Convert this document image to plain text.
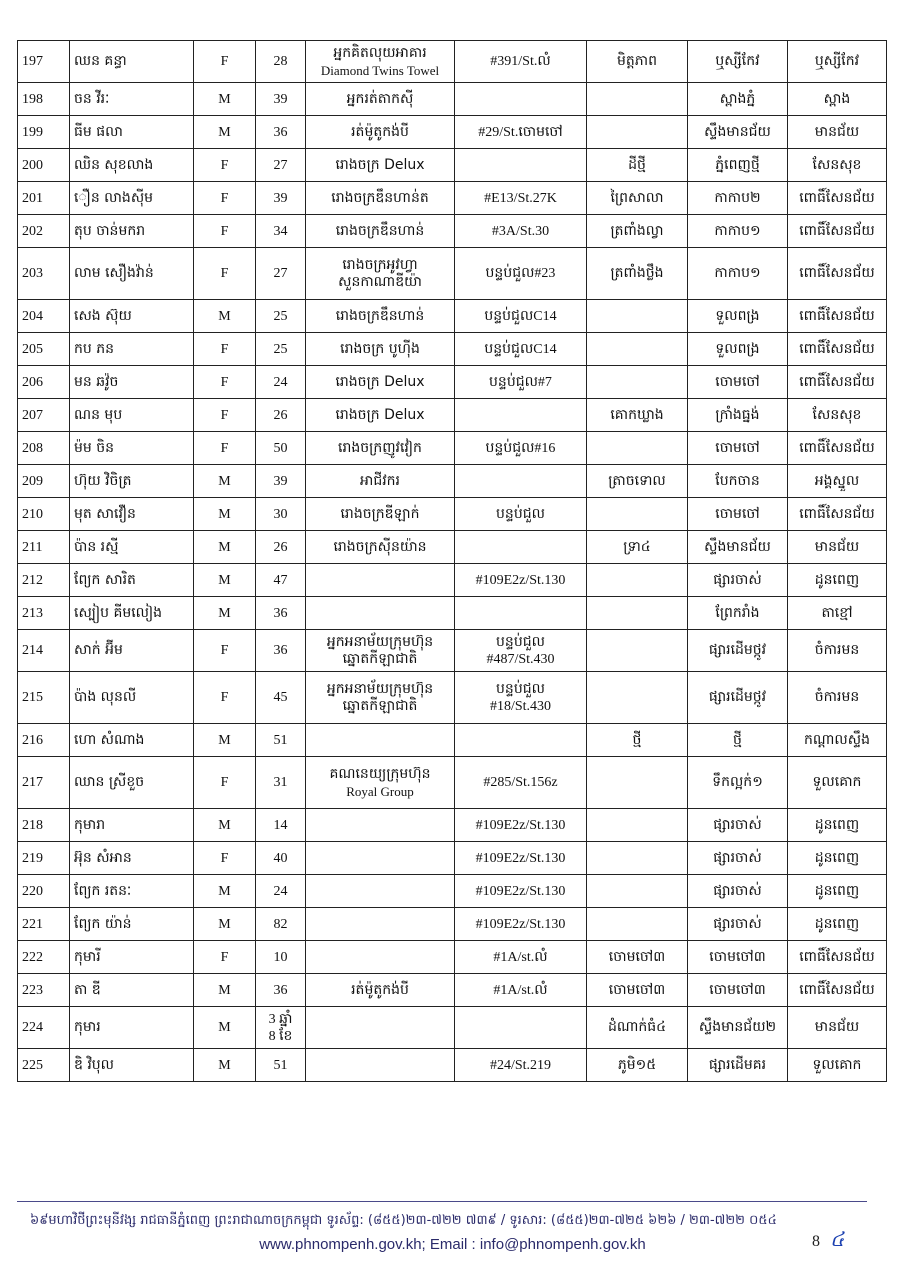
197	ឈន គន្ធា	F	28	អ្នកគិតលុយអាគារ
Diamond Twins Towel	#391/St.លំ	មិត្តភាព	ឬស្សីកែវ	ឬស្សីកែវ

198	ចន វីរៈ	M	39	អ្នករត់តាកស៊ី			ស្ពាងភ្នំ	ស្ពាង

199	ធីម ផលា	M	36	រត់ម៉ូតូកង់បី	#29/St.ចោមចៅ		ស្ទឹងមានជ័យ	មានជ័យ

200	ឈិន សុខលាង	F	27	រោងចក្រ Delux		ដីថ្មី	ភ្នំពេញថ្មី	សែនសុខ

201	ឿន លាងស៊ីម	F	39	រោងចក្រឌឹនហាន់ត	#E13/St.27K	ព្រៃសាលា	កាកាប២	ពោធិ៍សែនជ័យ

202	តុប ចាន់មករា	F	34	រោងចក្រឌឹនហាន់	#3A/St.30	ត្រពាំងល្វា	កាកាប១	ពោធិ៍សែនជ័យ

203	លាម សឿងវ៉ាន់	F	27	រោងចក្រអូវហ្វា
សួនកាណាឌីយ៉ា	បន្ទប់ជួល#23	ត្រពាំងថ្លឹង	កាកាប១	ពោធិ៍សែនជ័យ

204	សេង ស៊ុយ	M	25	រោងចក្រឌឹនហាន់	បន្ទប់ជួលC14		ទួលពង្រ	ពោធិ៍សែនជ័យ

205	កប ភន	F	25	រោងចក្រ បូហ៊ីង	បន្ទប់ជួលC14		ទួលពង្រ	ពោធិ៍សែនជ័យ

206	មន ឆវ៉ូច	F	24	រោងចក្រ Delux	បន្ទប់ជួល#7		ចោមចៅ	ពោធិ៍សែនជ័យ

207	ណន មុប	F	26	រោងចក្រ Delux		គោកឃ្លាង	ក្រាំងធ្នង់	សែនសុខ

208	ម៉ម ចិន	F	50	រោងចក្រញូវវៀក	បន្ទប់ជួល#16		ចោមចៅ	ពោធិ៍សែនជ័យ

209	ហ៊ុយ វិចិត្រ	M	39	អាជីវករ		ត្រាចទោល	បែកចាន	អង្គស្នួល

210	មុត សាវឿន	M	30	រោងចក្រឌីឡាក់	បន្ទប់ជួល		ចោមចៅ	ពោធិ៍សែនជ័យ

211	ប៉ាន រស្មី	M	26	រោងចក្រស៊ីនយ៉ាន		ទ្រា៤	ស្ទឹងមានជ័យ	មានជ័យ

212	ព្យែក សារិត	M	47		#109E2z/St.130		ផ្សារចាស់	ដូនពេញ

213	ស្បៀប គីមលៀង	M	36				ព្រែករាំង	តាខ្មៅ

214	សាក់ អ៊ីម	F	36	អ្នកអនាម័យក្រុមហ៊ុន
ឆ្នោតកីឡាជាតិ	បន្ទប់ជួល
#487/St.430		ផ្សារដើមថ្កូវ	ចំការមន

215	ប៉ាង លុនលី	F	45	អ្នកអនាម័យក្រុមហ៊ុន
ឆ្នោតកីឡាជាតិ	បន្ទប់ជួល
#18/St.430		ផ្សារដើមថ្កូវ	ចំការមន

216	ហោ សំណាង	M	51			ថ្មី	ថ្មី	កណ្ដាលស្ទឹង

217	ឈាន ស្រីខួច	F	31	គណនេយ្យក្រុមហ៊ុន
Royal Group	#285/St.156z		ទឹកល្អក់១	ទួលគោក

218	កុមារា	M	14		#109E2z/St.130		ផ្សារចាស់	ដូនពេញ

219	អ៊ុន សំអាន	F	40		#109E2z/St.130		ផ្សារចាស់	ដូនពេញ

220	ព្យែក រតនៈ	M	24		#109E2z/St.130		ផ្សារចាស់	ដូនពេញ

221	ព្យែក យ៉ាន់	M	82		#109E2z/St.130		ផ្សារចាស់	ដូនពេញ

222	កុមារី	F	10		#1A/st.លំ	ចោមចៅ៣	ចោមចៅ៣	ពោធិ៍សែនជ័យ

223	តា ឌី	M	36	រត់ម៉ូតូកង់បី	#1A/st.លំ	ចោមចៅ៣	ចោមចៅ៣	ពោធិ៍សែនជ័យ

224	កុមារ	M	3 ឆ្នាំ
8 ខែ			ដំណាក់ធំ៤	ស្ទឹងមានជ័យ២	មានជ័យ

225	ឌិ វិបុល	M	51		#24/St.219	ភូមិ១៥	ផ្សារដើមគរ	ទួលគោក
៦៩មហាវិថីព្រះមុនីវង្ស រាជធានីភ្នំពេញ ព្រះរាជាណាចក្រកម្ពុជា ទូរស័ព្ទ: (៨៥៥)២៣-៧២២ ៧៣៩ / ទូរសារ: (៨៥៥)២៣-៧២៥ ៦២៦ / ២៣-៧២២ ០៥៤
www.phnompenh.gov.kh; Email : info@phnompenh.gov.kh	8 ៤
